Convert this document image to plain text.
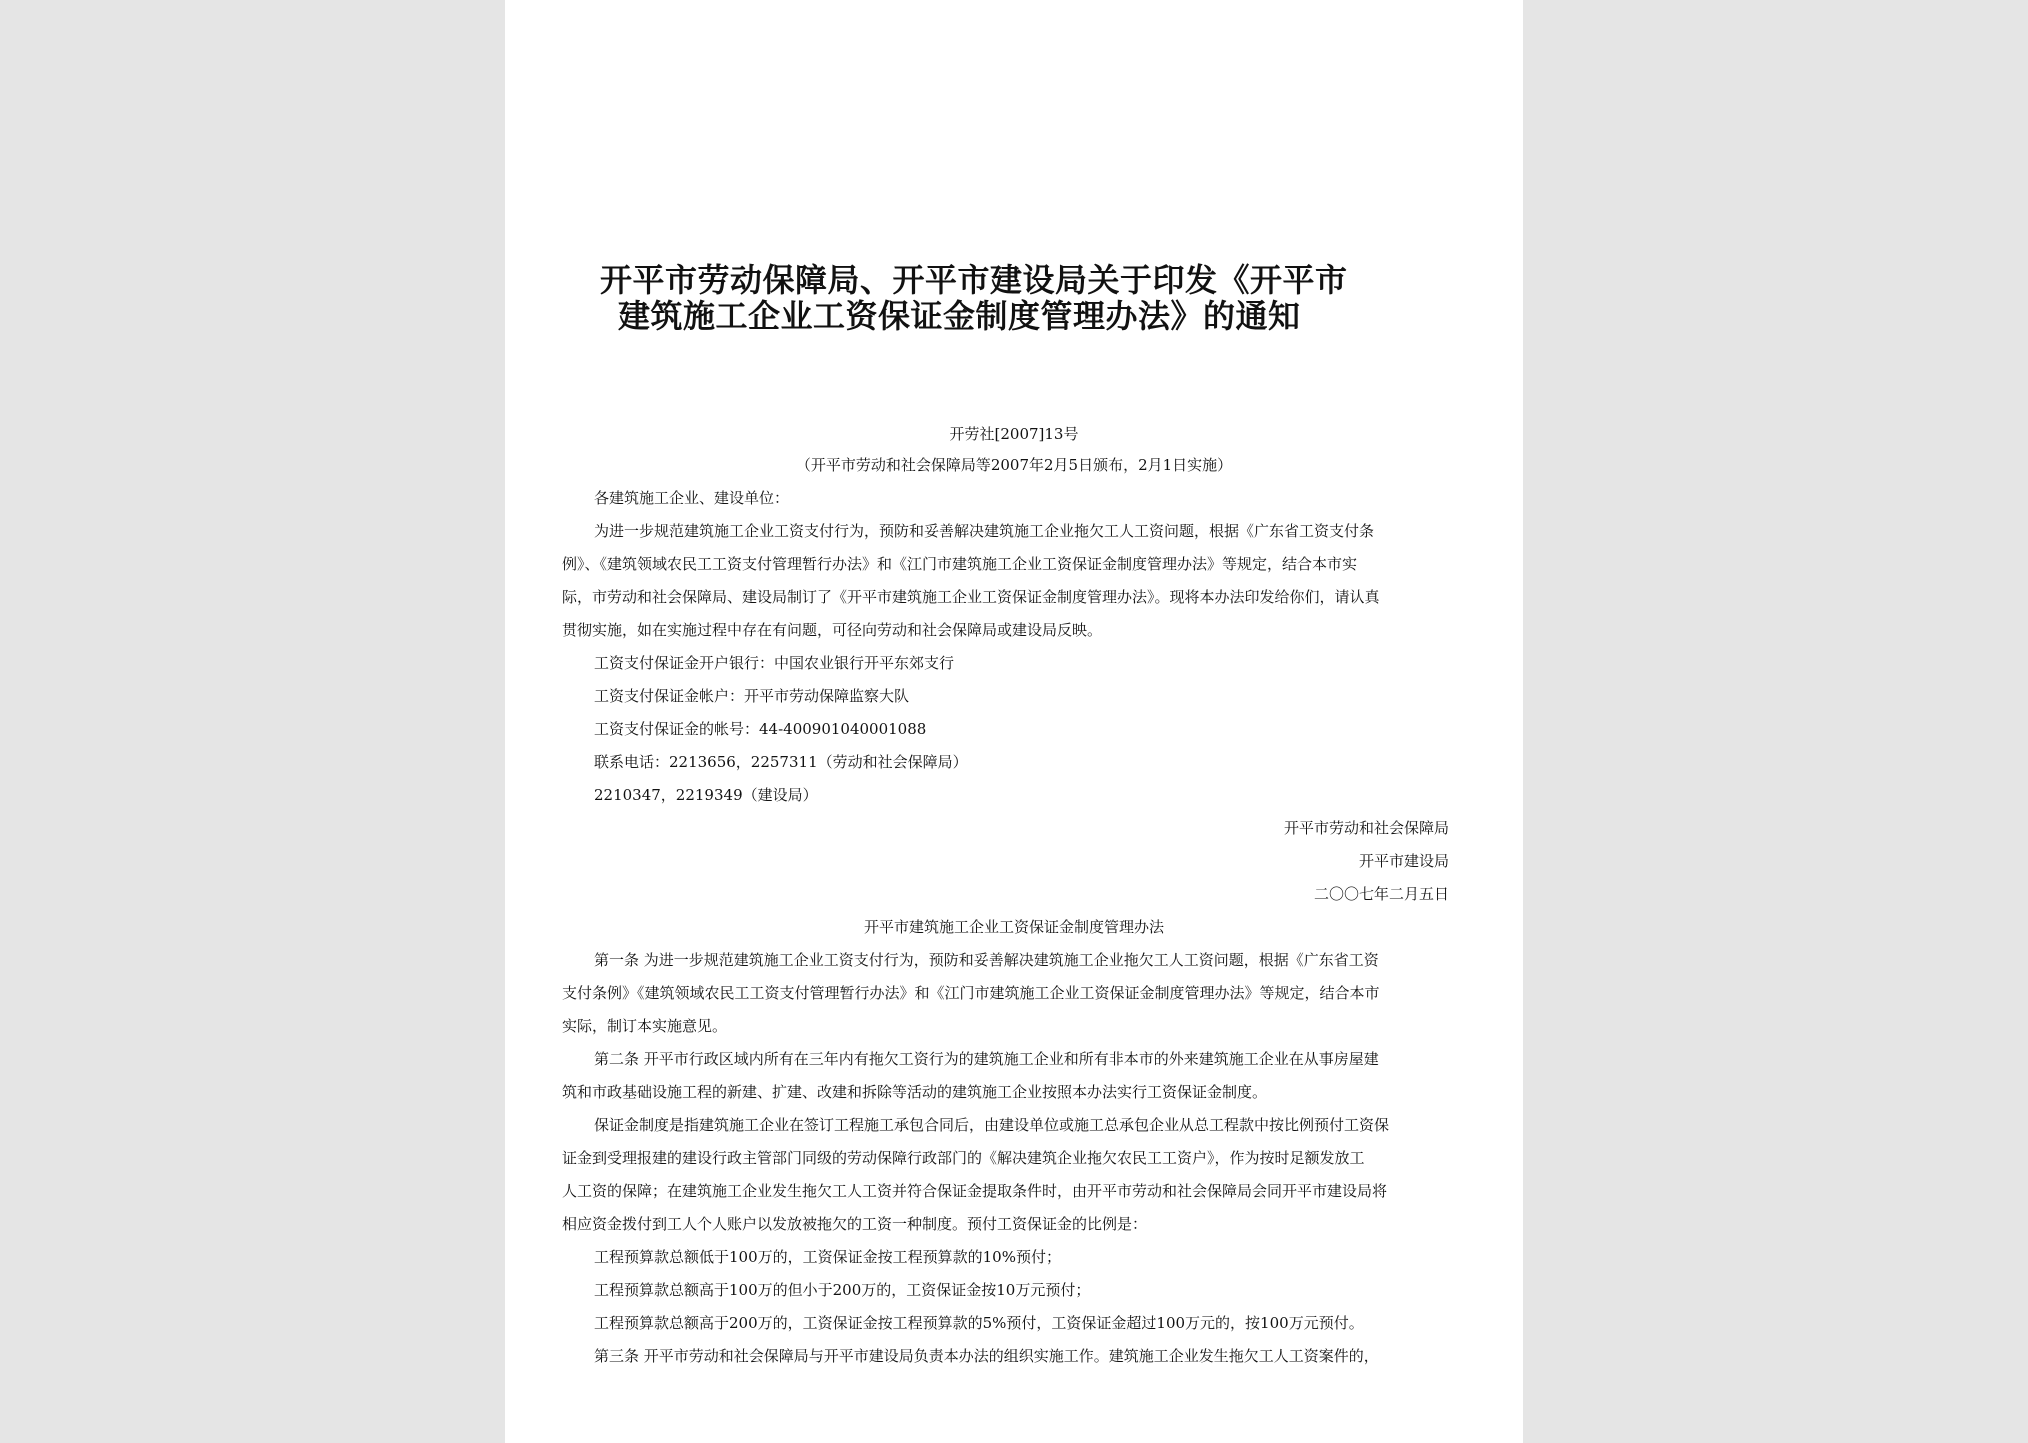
开平市劳动保障局、开平市建设局关于印发《开平市
建筑施工企业工资保证金制度管理办法》的通知
开劳社[2007]13号
（开平市劳动和社会保障局等2007年2月5日颁布，2月1日实施）
各建筑施工企业、建设单位：
为进一步规范建筑施工企业工资支付行为，预防和妥善解决建筑施工企业拖欠工人工资问题，根据《广东省工资支付条
例》、《建筑领域农民工工资支付管理暂行办法》和《江门市建筑施工企业工资保证金制度管理办法》等规定，结合本市实
际，市劳动和社会保障局、建设局制订了《开平市建筑施工企业工资保证金制度管理办法》。现将本办法印发给你们，请认真
贯彻实施，如在实施过程中存在有问题，可径向劳动和社会保障局或建设局反映。
工资支付保证金开户银行：中国农业银行开平东郊支行
工资支付保证金帐户：开平市劳动保障监察大队
工资支付保证金的帐号：44-400901040001088
联系电话：2213656，2257311（劳动和社会保障局）
2210347，2219349（建设局）
开平市劳动和社会保障局
开平市建设局
二〇〇七年二月五日
开平市建筑施工企业工资保证金制度管理办法
第一条 为进一步规范建筑施工企业工资支付行为，预防和妥善解决建筑施工企业拖欠工人工资问题，根据《广东省工资
支付条例》《建筑领域农民工工资支付管理暂行办法》和《江门市建筑施工企业工资保证金制度管理办法》等规定，结合本市
实际，制订本实施意见。
第二条 开平市行政区域内所有在三年内有拖欠工资行为的建筑施工企业和所有非本市的外来建筑施工企业在从事房屋建
筑和市政基础设施工程的新建、扩建、改建和拆除等活动的建筑施工企业按照本办法实行工资保证金制度。
保证金制度是指建筑施工企业在签订工程施工承包合同后，由建设单位或施工总承包企业从总工程款中按比例预付工资保
证金到受理报建的建设行政主管部门同级的劳动保障行政部门的《解决建筑企业拖欠农民工工资户》，作为按时足额发放工
人工资的保障；在建筑施工企业发生拖欠工人工资并符合保证金提取条件时，由开平市劳动和社会保障局会同开平市建设局将
相应资金拨付到工人个人账户以发放被拖欠的工资一种制度。预付工资保证金的比例是：
工程预算款总额低于100万的，工资保证金按工程预算款的10%预付；
工程预算款总额高于100万的但小于200万的，工资保证金按10万元预付；
工程预算款总额高于200万的，工资保证金按工程预算款的5%预付，工资保证金超过100万元的，按100万元预付。
第三条 开平市劳动和社会保障局与开平市建设局负责本办法的组织实施工作。建筑施工企业发生拖欠工人工资案件的，
